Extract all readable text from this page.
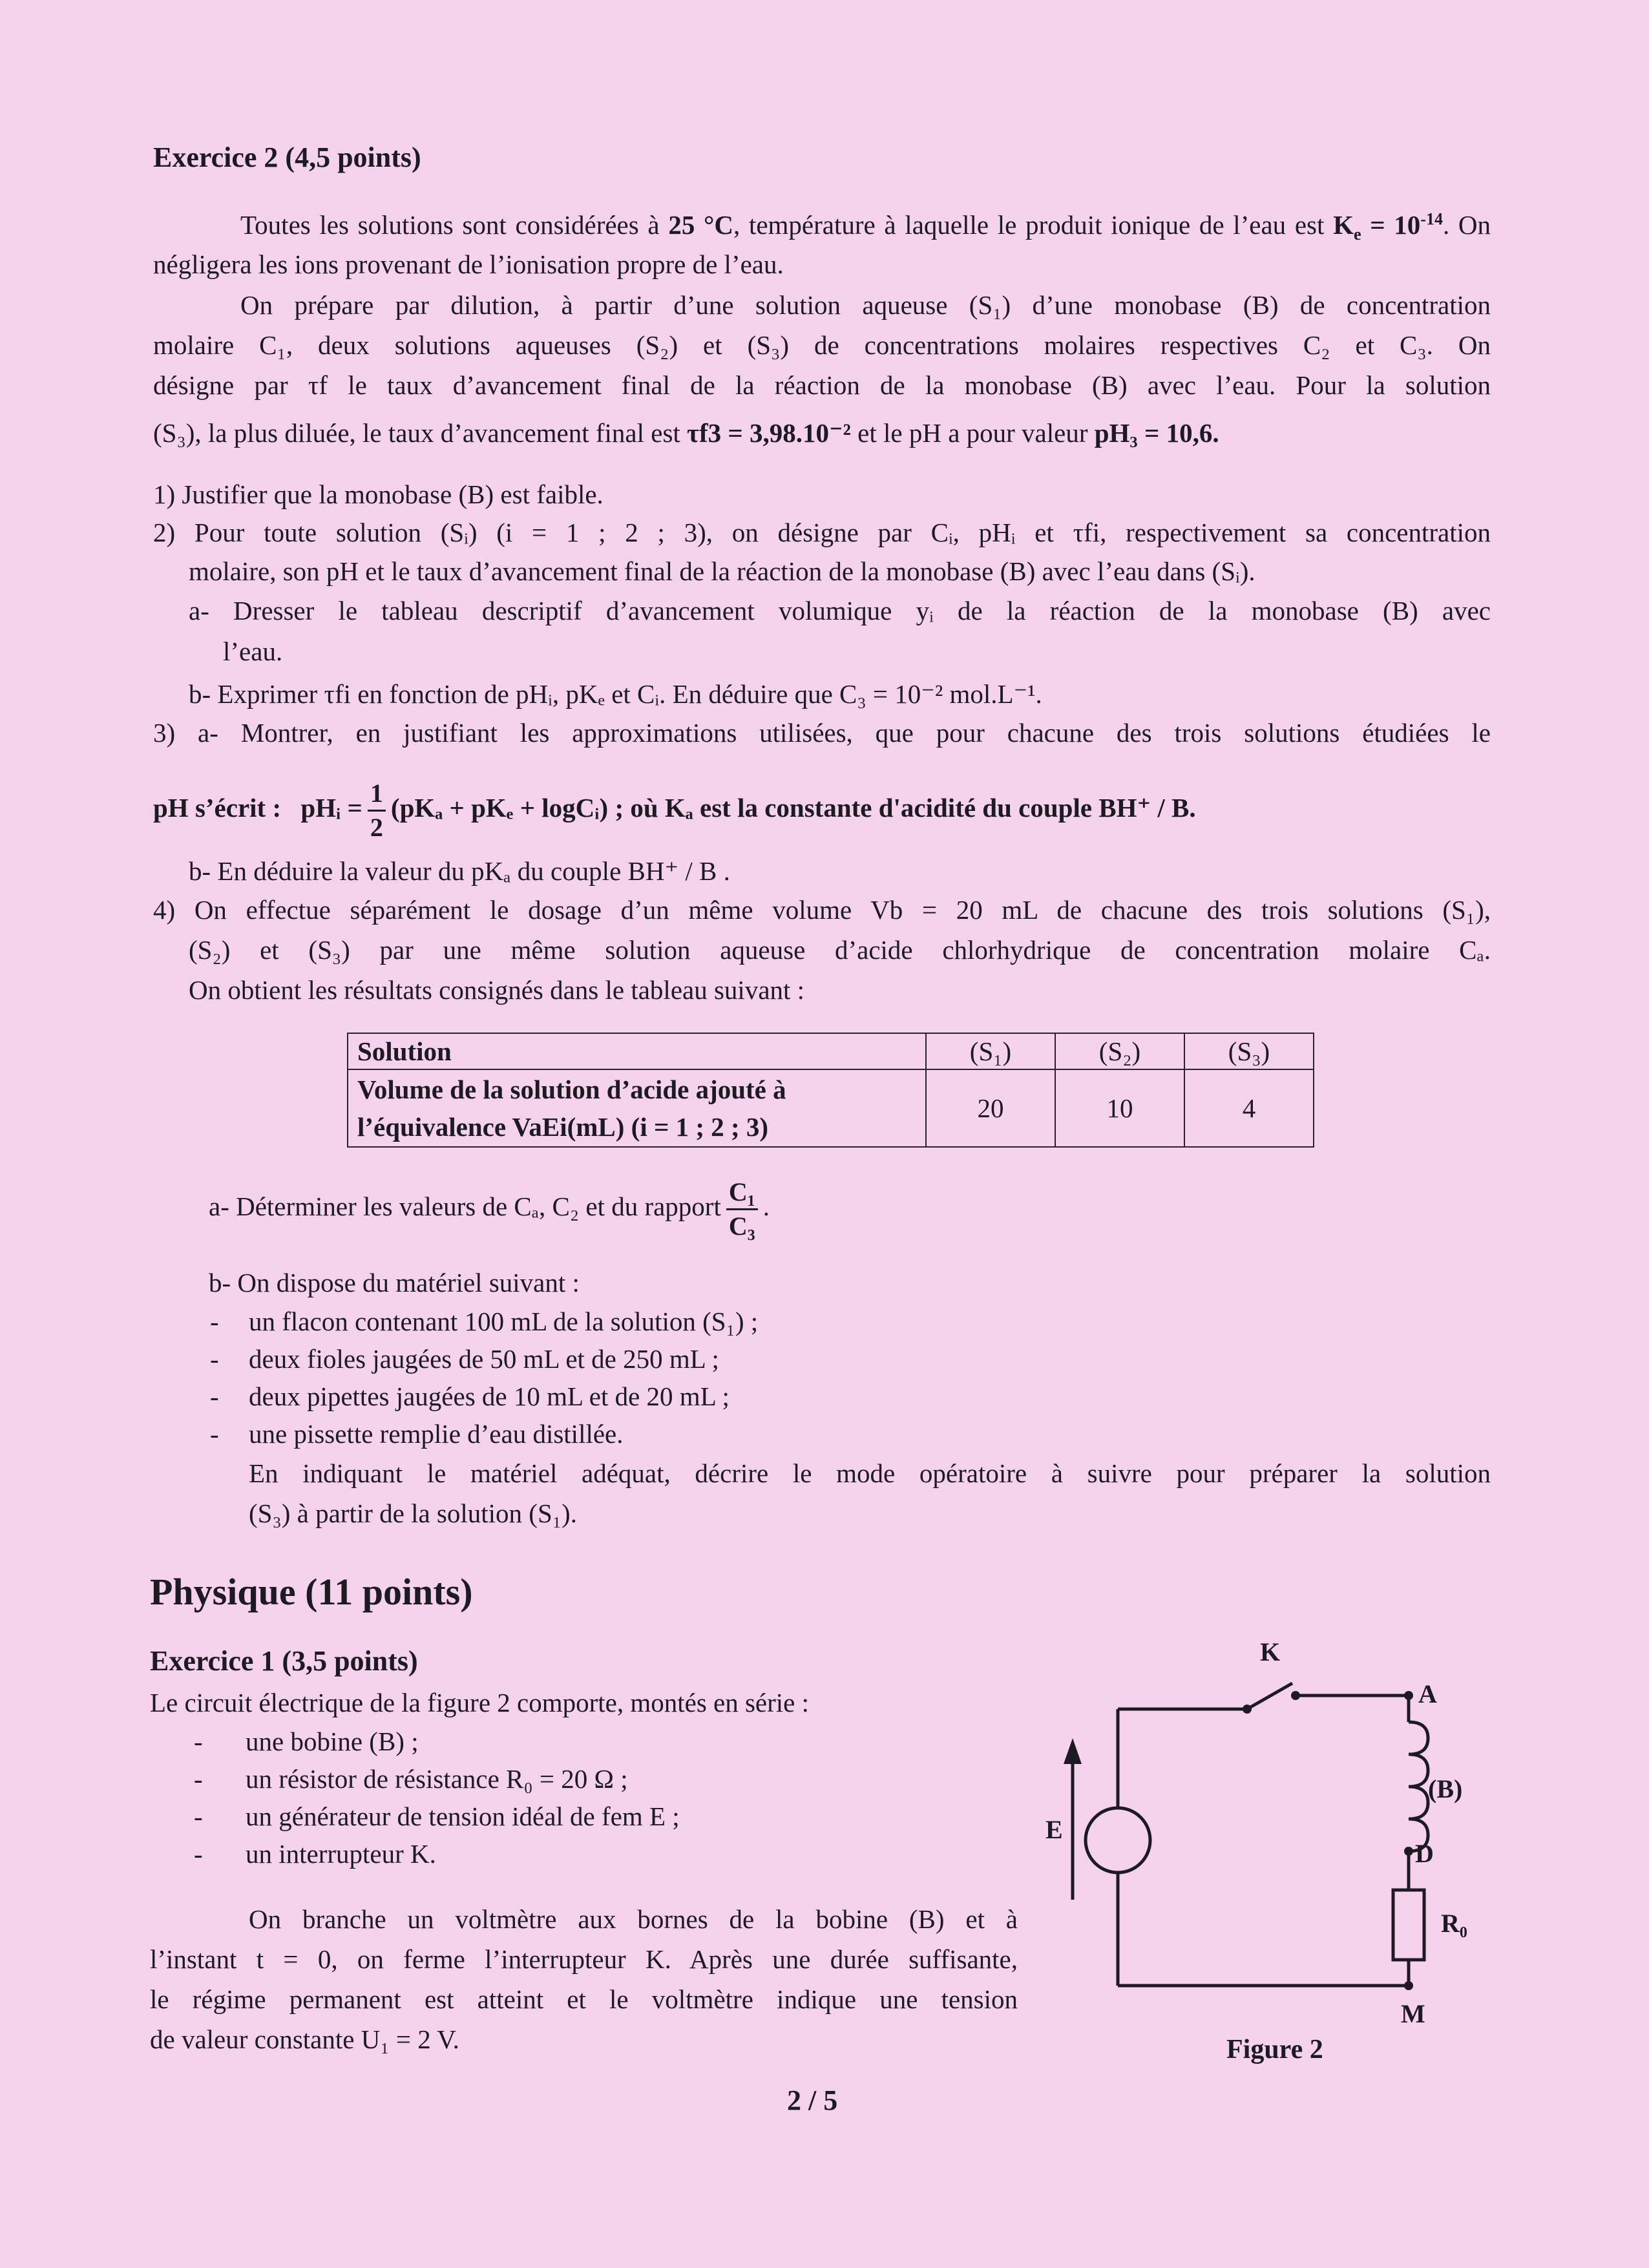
Exercice 2 (4,5 points)
Toutes les solutions sont considérées à 25 °C, température à laquelle le produit ionique de l’eau est $K_e = 10^{-14}$. On négligera les ions provenant de l’ionisation propre de l’eau.
On prépare par dilution, à partir d’une solution aqueuse (S₁) d’une monobase (B) de concentration
molaire C₁, deux solutions aqueuses (S₂) et (S₃) de concentrations molaires respectives C₂ et C₃. On
désigne par τf le taux d’avancement final de la réaction de la monobase (B) avec l’eau. Pour la solution
(S₃), la plus diluée, le taux d’avancement final est τf3 = 3,98.10⁻² et le pH a pour valeur pH₃ = 10,6.
1) Justifier que la monobase (B) est faible.
2) Pour toute solution (Sᵢ) (i = 1 ; 2 ; 3), on désigne par Cᵢ, pHᵢ et τfi, respectivement sa concentration
molaire, son pH et le taux d’avancement final de la réaction de la monobase (B) avec l’eau dans (Sᵢ).
a- Dresser le tableau descriptif d’avancement volumique yᵢ de la réaction de la monobase (B) avec
l’eau.
b- Exprimer τfi en fonction de pHᵢ, pKₑ et Cᵢ. En déduire que C₃ = 10⁻² mol.L⁻¹.
3) a- Montrer, en justifiant les approximations utilisées, que pour chacune des trois solutions étudiées le
pH s’écrit : pHᵢ = $\frac{1}{2} (pK_a + pK_e$ + logCᵢ) ; où Kₐ est la constante d'acidité du couple BH⁺ / B.
b- En déduire la valeur du pKₐ du couple BH⁺ / B .
4) On effectue séparément le dosage d’un même volume Vb = 20 mL de chacune des trois solutions (S₁),
(S₂) et (S₃) par une même solution aqueuse d’acide chlorhydrique de concentration molaire Cₐ.
On obtient les résultats consignés dans le tableau suivant :
Solution	(S₁)	(S₂)	(S₃)
Volume de la solution d’acide ajouté à
l’équivalence VaEi(mL) (i = 1 ; 2 ; 3)	20	10	4
a- Déterminer les valeurs de Cₐ, C₂ et du rapport $\frac{\text{C₁}}{\text{C₃}}$ .
b- On dispose du matériel suivant :
- un flacon contenant 100 mL de la solution (S₁) ;
- deux fioles jaugées de 50 mL et de 250 mL ;
- deux pipettes jaugées de 10 mL et de 20 mL ;
- une pissette remplie d’eau distillée.
En indiquant le matériel adéquat, décrire le mode opératoire à suivre pour préparer la solution
(S₃) à partir de la solution (S₁).
Physique (11 points)
Exercice 1 (3,5 points)
Le circuit électrique de la figure 2 comporte, montés en série :
- une bobine (B) ;
- un résistor de résistance R₀ = 20 Ω ;
- un générateur de tension idéal de fem E ;
- un interrupteur K.
On branche un voltmètre aux bornes de la bobine (B) et à
l’instant t = 0, on ferme l’interrupteur K. Après une durée suffisante,
le régime permanent est atteint et le voltmètre indique une tension
de valeur constante U₁ = 2 V.
K
A
(B)
D
R₀
M
E
Figure 2
2 / 5
